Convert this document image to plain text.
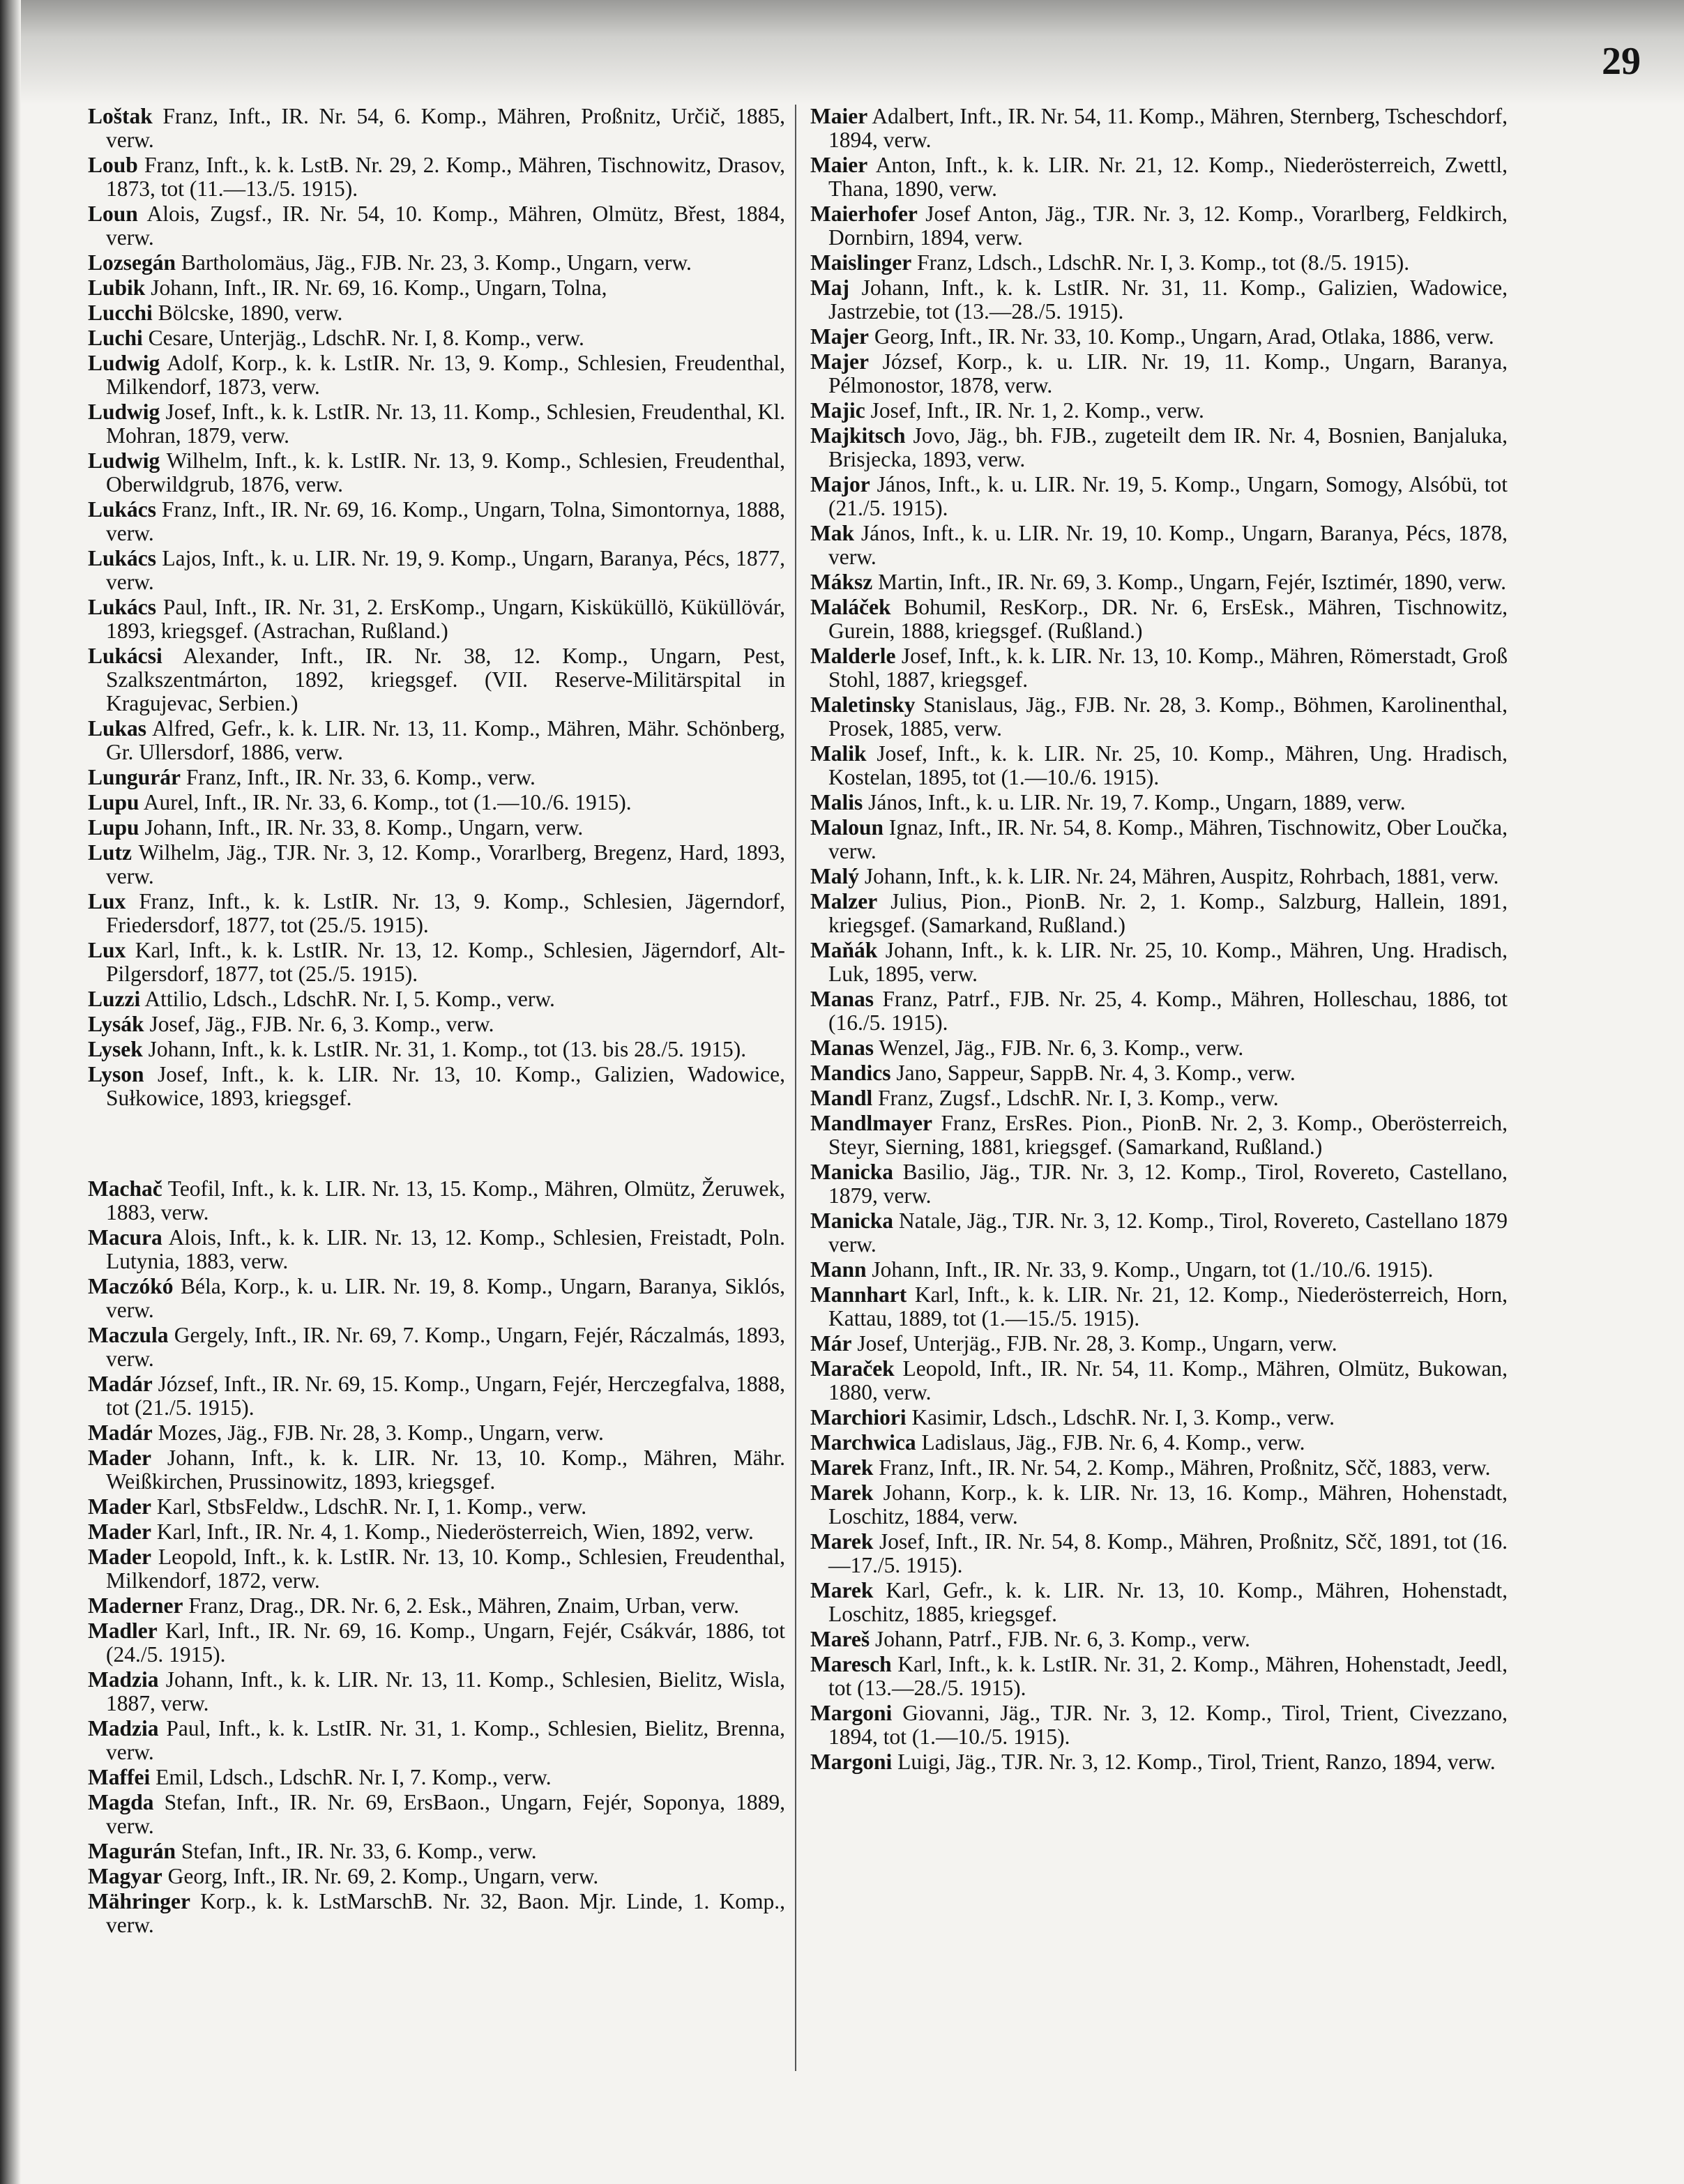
29

Loštak Franz, Inft., IR. Nr. 54, 6. Komp., Mähren, Proßnitz, Určič, 1885, verw.

Loub Franz, Inft., k. k. LstB. Nr. 29, 2. Komp., Mähren, Tischnowitz, Drasov, 1873, tot (11.—13./5. 1915).

Loun Alois, Zugsf., IR. Nr. 54, 10. Komp., Mähren, Olmütz, Břest, 1884, verw.

Lozsegán Bartholomäus, Jäg., FJB. Nr. 23, 3. Komp., Ungarn, verw.

Lubik Johann, Inft., IR. Nr. 69, 16. Komp., Ungarn, Tolna,

Lucchi Bölcske, 1890, verw.

Luchi Cesare, Unterjäg., LdschR. Nr. I, 8. Komp., verw.

Ludwig Adolf, Korp., k. k. LstIR. Nr. 13, 9. Komp., Schlesien, Freudenthal, Milkendorf, 1873, verw.

Ludwig Josef, Inft., k. k. LstIR. Nr. 13, 11. Komp., Schlesien, Freudenthal, Kl. Mohran, 1879, verw.

Ludwig Wilhelm, Inft., k. k. LstIR. Nr. 13, 9. Komp., Schlesien, Freudenthal, Oberwildgrub, 1876, verw.

Lukács Franz, Inft., IR. Nr. 69, 16. Komp., Ungarn, Tolna, Simontornya, 1888, verw.

Lukács Lajos, Inft., k. u. LIR. Nr. 19, 9. Komp., Ungarn, Baranya, Pécs, 1877, verw.

Lukács Paul, Inft., IR. Nr. 31, 2. ErsKomp., Ungarn, Kisküküllö, Küküllövár, 1893, kriegsgef. (Astrachan, Rußland.)

Lukácsi Alexander, Inft., IR. Nr. 38, 12. Komp., Ungarn, Pest, Szalkszentmárton, 1892, kriegsgef. (VII. Reserve-Militärspital in Kragujevac, Serbien.)

Lukas Alfred, Gefr., k. k. LIR. Nr. 13, 11. Komp., Mähren, Mähr. Schönberg, Gr. Ullersdorf, 1886, verw.

Lungurár Franz, Inft., IR. Nr. 33, 6. Komp., verw.

Lupu Aurel, Inft., IR. Nr. 33, 6. Komp., tot (1.—10./6. 1915).

Lupu Johann, Inft., IR. Nr. 33, 8. Komp., Ungarn, verw.

Lutz Wilhelm, Jäg., TJR. Nr. 3, 12. Komp., Vorarlberg, Bregenz, Hard, 1893, verw.

Lux Franz, Inft., k. k. LstIR. Nr. 13, 9. Komp., Schlesien, Jägerndorf, Friedersdorf, 1877, tot (25./5. 1915).

Lux Karl, Inft., k. k. LstIR. Nr. 13, 12. Komp., Schlesien, Jägerndorf, Alt-Pilgersdorf, 1877, tot (25./5. 1915).

Luzzi Attilio, Ldsch., LdschR. Nr. I, 5. Komp., verw.

Lysák Josef, Jäg., FJB. Nr. 6, 3. Komp., verw.

Lysek Johann, Inft., k. k. LstIR. Nr. 31, 1. Komp., tot (13. bis 28./5. 1915).

Lyson Josef, Inft., k. k. LIR. Nr. 13, 10. Komp., Galizien, Wadowice, Sułkowice, 1893, kriegsgef.

Machač Teofil, Inft., k. k. LIR. Nr. 13, 15. Komp., Mähren, Olmütz, Žeruwek, 1883, verw.

Macura Alois, Inft., k. k. LIR. Nr. 13, 12. Komp., Schlesien, Freistadt, Poln. Lutynia, 1883, verw.

Maczókó Béla, Korp., k. u. LIR. Nr. 19, 8. Komp., Ungarn, Baranya, Siklós, verw.

Maczula Gergely, Inft., IR. Nr. 69, 7. Komp., Ungarn, Fejér, Ráczalmás, 1893, verw.

Madár József, Inft., IR. Nr. 69, 15. Komp., Ungarn, Fejér, Herczegfalva, 1888, tot (21./5. 1915).

Madár Mozes, Jäg., FJB. Nr. 28, 3. Komp., Ungarn, verw.

Mader Johann, Inft., k. k. LIR. Nr. 13, 10. Komp., Mähren, Mähr. Weißkirchen, Prussinowitz, 1893, kriegsgef.

Mader Karl, StbsFeldw., LdschR. Nr. I, 1. Komp., verw.

Mader Karl, Inft., IR. Nr. 4, 1. Komp., Niederösterreich, Wien, 1892, verw.

Mader Leopold, Inft., k. k. LstIR. Nr. 13, 10. Komp., Schlesien, Freudenthal, Milkendorf, 1872, verw.

Maderner Franz, Drag., DR. Nr. 6, 2. Esk., Mähren, Znaim, Urban, verw.

Madler Karl, Inft., IR. Nr. 69, 16. Komp., Ungarn, Fejér, Csákvár, 1886, tot (24./5. 1915).

Madzia Johann, Inft., k. k. LIR. Nr. 13, 11. Komp., Schlesien, Bielitz, Wisla, 1887, verw.

Madzia Paul, Inft., k. k. LstIR. Nr. 31, 1. Komp., Schlesien, Bielitz, Brenna, verw.

Maffei Emil, Ldsch., LdschR. Nr. I, 7. Komp., verw.

Magda Stefan, Inft., IR. Nr. 69, ErsBaon., Ungarn, Fejér, Soponya, 1889, verw.

Magurán Stefan, Inft., IR. Nr. 33, 6. Komp., verw.

Magyar Georg, Inft., IR. Nr. 69, 2. Komp., Ungarn, verw.

Mähringer Korp., k. k. LstMarschB. Nr. 32, Baon. Mjr. Linde, 1. Komp., verw.

Maier Adalbert, Inft., IR. Nr. 54, 11. Komp., Mähren, Sternberg, Tscheschdorf, 1894, verw.

Maier Anton, Inft., k. k. LIR. Nr. 21, 12. Komp., Niederösterreich, Zwettl, Thana, 1890, verw.

Maierhofer Josef Anton, Jäg., TJR. Nr. 3, 12. Komp., Vorarlberg, Feldkirch, Dornbirn, 1894, verw.

Maislinger Franz, Ldsch., LdschR. Nr. I, 3. Komp., tot (8./5. 1915).

Maj Johann, Inft., k. k. LstIR. Nr. 31, 11. Komp., Galizien, Wadowice, Jastrzebie, tot (13.—28./5. 1915).

Majer Georg, Inft., IR. Nr. 33, 10. Komp., Ungarn, Arad, Otlaka, 1886, verw.

Majer József, Korp., k. u. LIR. Nr. 19, 11. Komp., Ungarn, Baranya, Pélmonostor, 1878, verw.

Majic Josef, Inft., IR. Nr. 1, 2. Komp., verw.

Majkitsch Jovo, Jäg., bh. FJB., zugeteilt dem IR. Nr. 4, Bosnien, Banjaluka, Brisjecka, 1893, verw.

Major János, Inft., k. u. LIR. Nr. 19, 5. Komp., Ungarn, Somogy, Alsóbü, tot (21./5. 1915).

Mak János, Inft., k. u. LIR. Nr. 19, 10. Komp., Ungarn, Baranya, Pécs, 1878, verw.

Máksz Martin, Inft., IR. Nr. 69, 3. Komp., Ungarn, Fejér, Isztimér, 1890, verw.

Maláček Bohumil, ResKorp., DR. Nr. 6, ErsEsk., Mähren, Tischnowitz, Gurein, 1888, kriegsgef. (Rußland.)

Malderle Josef, Inft., k. k. LIR. Nr. 13, 10. Komp., Mähren, Römerstadt, Groß Stohl, 1887, kriegsgef.

Maletinsky Stanislaus, Jäg., FJB. Nr. 28, 3. Komp., Böhmen, Karolinenthal, Prosek, 1885, verw.

Malik Josef, Inft., k. k. LIR. Nr. 25, 10. Komp., Mähren, Ung. Hradisch, Kostelan, 1895, tot (1.—10./6. 1915).

Malis János, Inft., k. u. LIR. Nr. 19, 7. Komp., Ungarn, 1889, verw.

Maloun Ignaz, Inft., IR. Nr. 54, 8. Komp., Mähren, Tischnowitz, Ober Loučka, verw.

Malý Johann, Inft., k. k. LIR. Nr. 24, Mähren, Auspitz, Rohrbach, 1881, verw.

Malzer Julius, Pion., PionB. Nr. 2, 1. Komp., Salzburg, Hallein, 1891, kriegsgef. (Samarkand, Rußland.)

Maňák Johann, Inft., k. k. LIR. Nr. 25, 10. Komp., Mähren, Ung. Hradisch, Luk, 1895, verw.

Manas Franz, Patrf., FJB. Nr. 25, 4. Komp., Mähren, Holleschau, 1886, tot (16./5. 1915).

Manas Wenzel, Jäg., FJB. Nr. 6, 3. Komp., verw.

Mandics Jano, Sappeur, SappB. Nr. 4, 3. Komp., verw.

Mandl Franz, Zugsf., LdschR. Nr. I, 3. Komp., verw.

Mandlmayer Franz, ErsRes. Pion., PionB. Nr. 2, 3. Komp., Oberösterreich, Steyr, Sierning, 1881, kriegsgef. (Samarkand, Rußland.)

Manicka Basilio, Jäg., TJR. Nr. 3, 12. Komp., Tirol, Rovereto, Castellano, 1879, verw.

Manicka Natale, Jäg., TJR. Nr. 3, 12. Komp., Tirol, Rovereto, Castellano 1879 verw.

Mann Johann, Inft., IR. Nr. 33, 9. Komp., Ungarn, tot (1./10./6. 1915).

Mannhart Karl, Inft., k. k. LIR. Nr. 21, 12. Komp., Niederösterreich, Horn, Kattau, 1889, tot (1.—15./5. 1915).

Már Josef, Unterjäg., FJB. Nr. 28, 3. Komp., Ungarn, verw.

Maraček Leopold, Inft., IR. Nr. 54, 11. Komp., Mähren, Olmütz, Bukowan, 1880, verw.

Marchiori Kasimir, Ldsch., LdschR. Nr. I, 3. Komp., verw.

Marchwica Ladislaus, Jäg., FJB. Nr. 6, 4. Komp., verw.

Marek Franz, Inft., IR. Nr. 54, 2. Komp., Mähren, Proßnitz, Sčč, 1883, verw.

Marek Johann, Korp., k. k. LIR. Nr. 13, 16. Komp., Mähren, Hohenstadt, Loschitz, 1884, verw.

Marek Josef, Inft., IR. Nr. 54, 8. Komp., Mähren, Proßnitz, Sčč, 1891, tot (16.—17./5. 1915).

Marek Karl, Gefr., k. k. LIR. Nr. 13, 10. Komp., Mähren, Hohenstadt, Loschitz, 1885, kriegsgef.

Mareš Johann, Patrf., FJB. Nr. 6, 3. Komp., verw.

Maresch Karl, Inft., k. k. LstIR. Nr. 31, 2. Komp., Mähren, Hohenstadt, Jeedl, tot (13.—28./5. 1915).

Margoni Giovanni, Jäg., TJR. Nr. 3, 12. Komp., Tirol, Trient, Civezzano, 1894, tot (1.—10./5. 1915).

Margoni Luigi, Jäg., TJR. Nr. 3, 12. Komp., Tirol, Trient, Ranzo, 1894, verw.
